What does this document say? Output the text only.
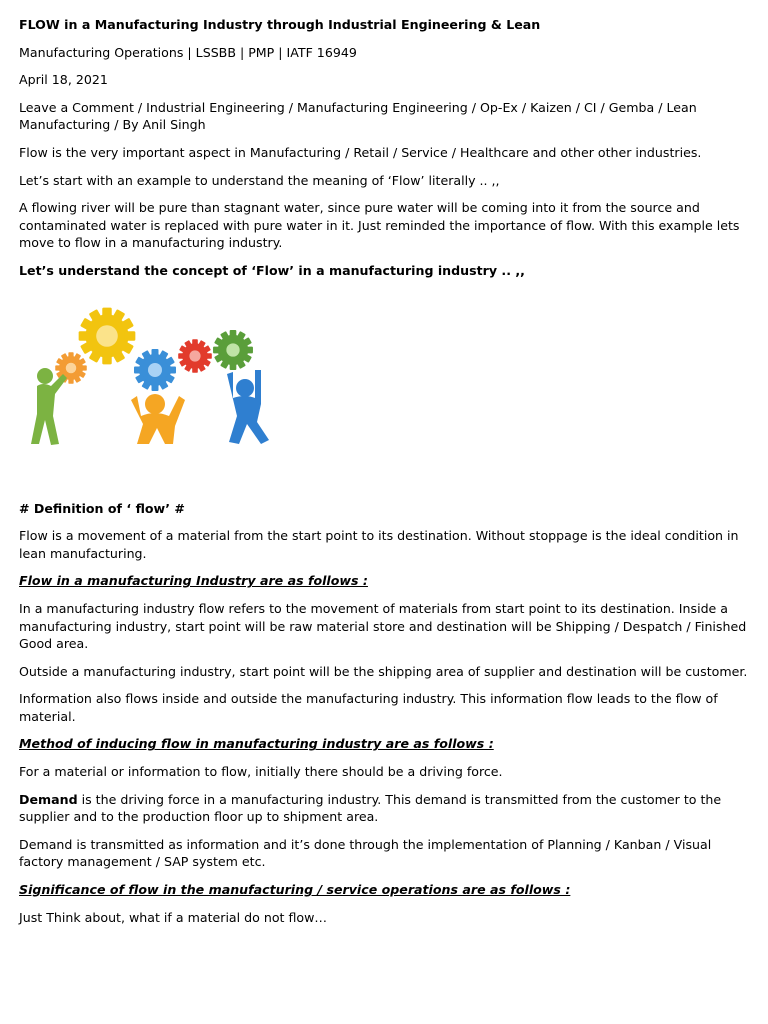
FLOW in a Manufacturing Industry through Industrial Engineering & Lean

Manufacturing Operations | LSSBB | PMP | IATF 16949

April 18, 2021

Leave a Comment / Industrial Engineering / Manufacturing Engineering / Op-Ex / Kaizen / CI / Gemba / Lean Manufacturing / By Anil Singh

Flow is the very important aspect in Manufacturing / Retail / Service / Healthcare and other other industries.

Let’s start with an example to understand the meaning of ‘Flow’ literally .. ,,

A flowing river will be pure than stagnant water, since pure water will be coming into it from the source and contaminated water is replaced with pure water in it. Just reminded the importance of flow. With this example lets move to flow in a manufacturing industry.

Let’s understand the concept of ‘Flow’ in a manufacturing industry .. ,,

# Definition of ‘ flow’ #

Flow is a movement of a material from the start point to its destination. Without stoppage is the ideal condition in lean manufacturing.

Flow in a manufacturing Industry are as follows :

In a manufacturing industry flow refers to the movement of materials from start point to its destination. Inside a manufacturing industry, start point will be raw material store and destination will be Shipping / Despatch / Finished Good area.

Outside a manufacturing industry, start point will be the shipping area of supplier and destination will be customer.

Information also flows inside and outside the manufacturing industry. This information flow leads to the flow of material.

Method of inducing flow in manufacturing industry are as follows :

For a material or information to flow, initially there should be a driving force.

Demand is the driving force in a manufacturing industry. This demand is transmitted from the customer to the supplier and to the production floor up to shipment area.

Demand is transmitted as information and it’s done through the implementation of Planning / Kanban / Visual factory management / SAP system etc.

Significance of flow in the manufacturing / service operations are as follows :

Just Think about, what if a material do not flow…
